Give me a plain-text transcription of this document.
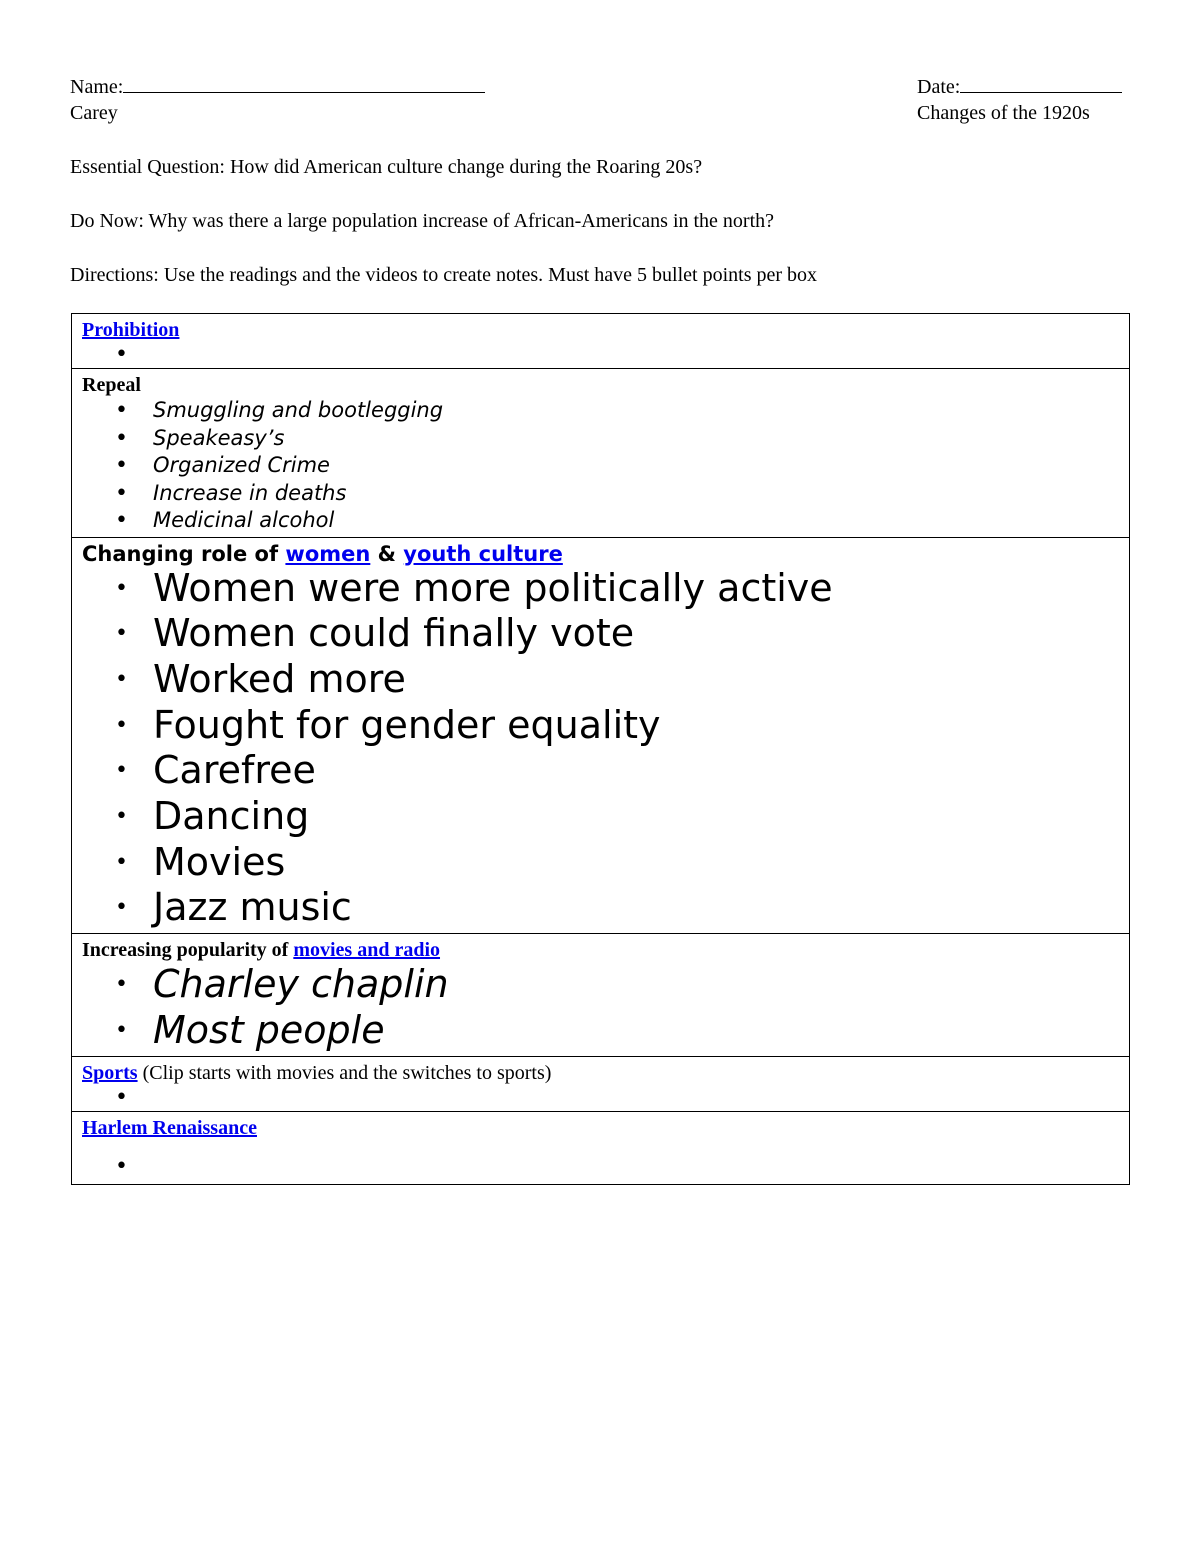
Name:	Date:
Carey	Changes of the 1920s
Essential Question: How did American culture change during the Roaring 20s?
Do Now: Why was there a large population increase of African-Americans in the north?
Directions: Use the readings and the videos to create notes. Must have 5 bullet points per box
Prohibition
•

Repeal
• Smuggling and bootlegging
• Speakeasy’s
• Organized Crime
• Increase in deaths
• Medicinal alcohol

Changing role of women & youth culture
• Women were more politically active
• Women could finally vote
• Worked more
• Fought for gender equality
• Carefree
• Dancing
• Movies
• Jazz music

Increasing popularity of movies and radio
• Charley chaplin
• Most people

Sports (Clip starts with movies and the switches to sports)
•

Harlem Renaissance
•
